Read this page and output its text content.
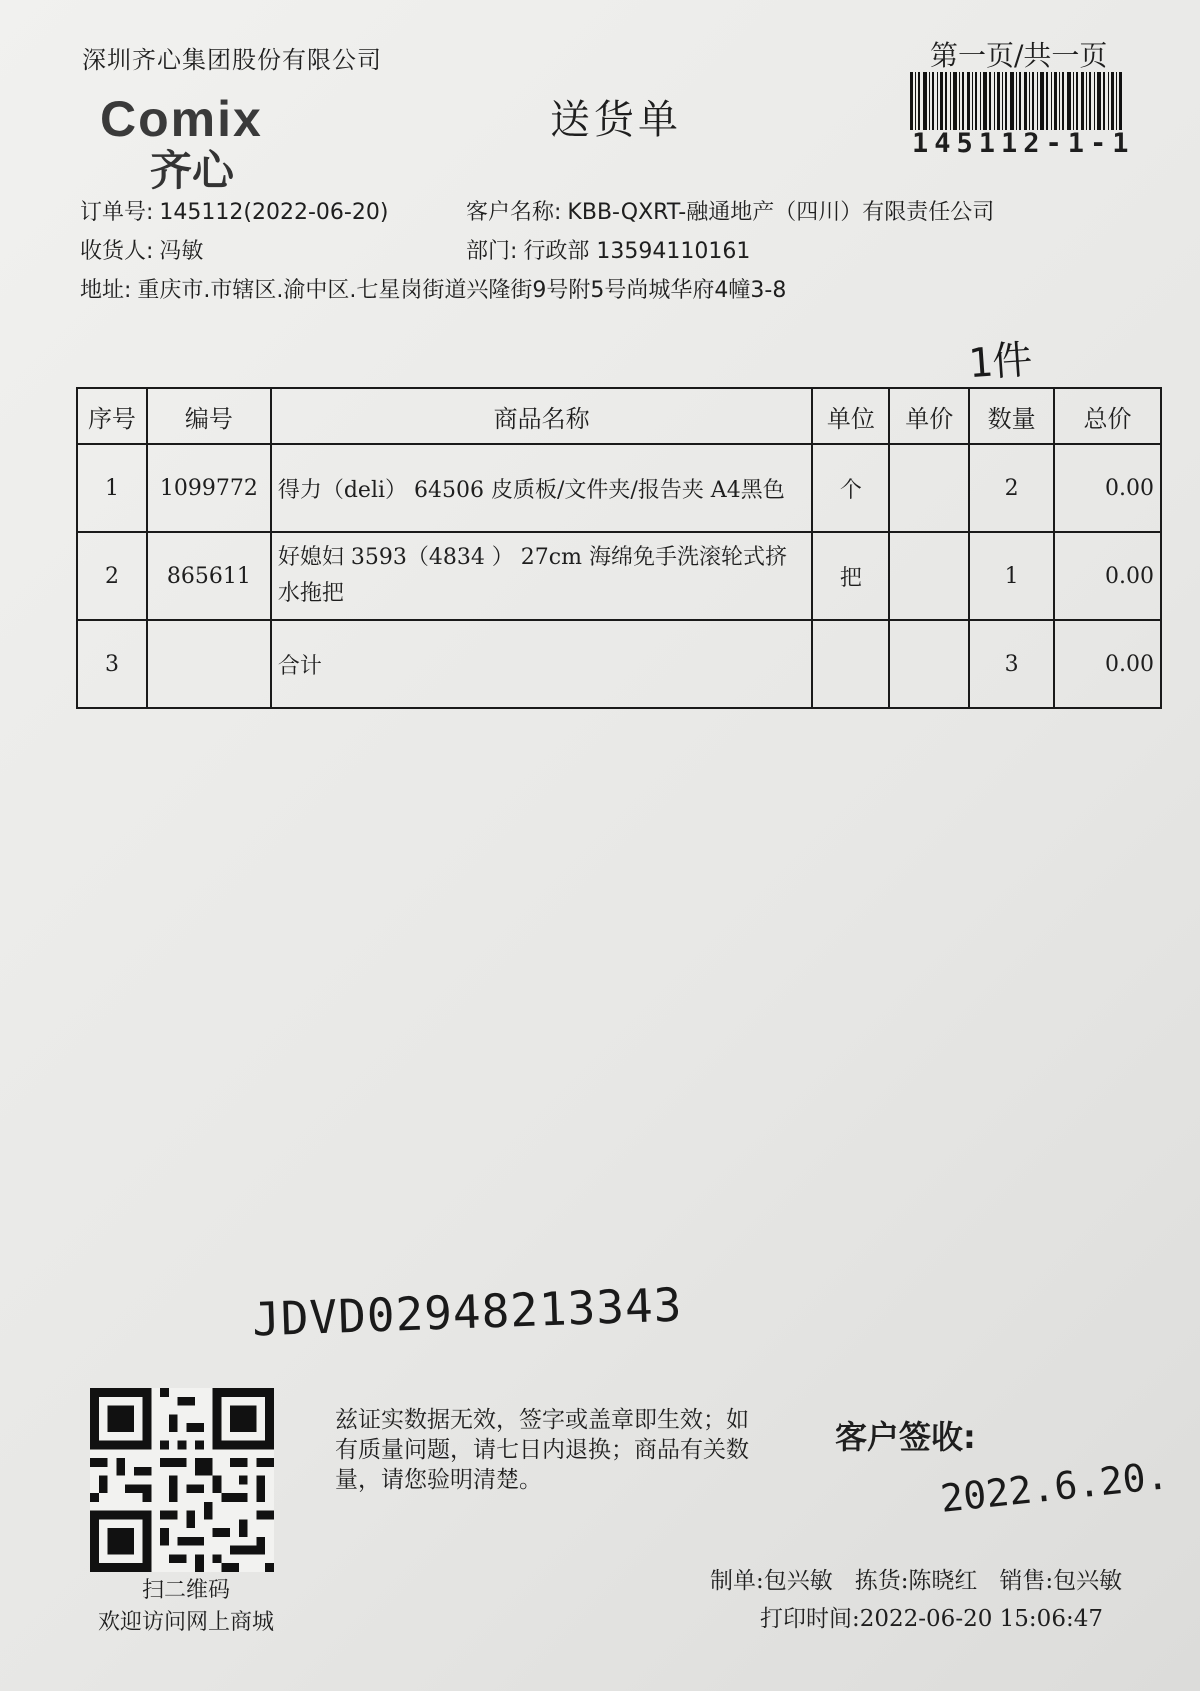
深圳齐心集团股份有限公司	第一页/共一页
Comix
齐心
送货单
145112-1-1
订单号: 145112(2022-06-20)	客户名称: KBB-QXRT-融通地产（四川）有限责任公司
收货人: 冯敏	部门: 行政部 13594110161
地址: 重庆市.市辖区.渝中区.七星岗街道兴隆街9号附5号尚城华府4幢3-8
1件
序号	编号	商品名称	单位	单价	数量	总价
1	1099772	得力（deli） 64506 皮质板/文件夹/报告夹 A4黑色	个		2	0.00
2	865611	好媳妇 3593（4834 ） 27cm 海绵免手洗滚轮式挤水拖把	把		1	0.00
3		合计			3	0.00
JDVD02948213343
扫二维码
欢迎访问网上商城
兹证实数据无效，签字或盖章即生效；如有质量问题，请七日内退换；商品有关数量，请您验明清楚。
客户签收:
2022.6.20.
制单:包兴敏 拣货:陈晓红 销售:包兴敏
打印时间:2022-06-20 15:06:47
